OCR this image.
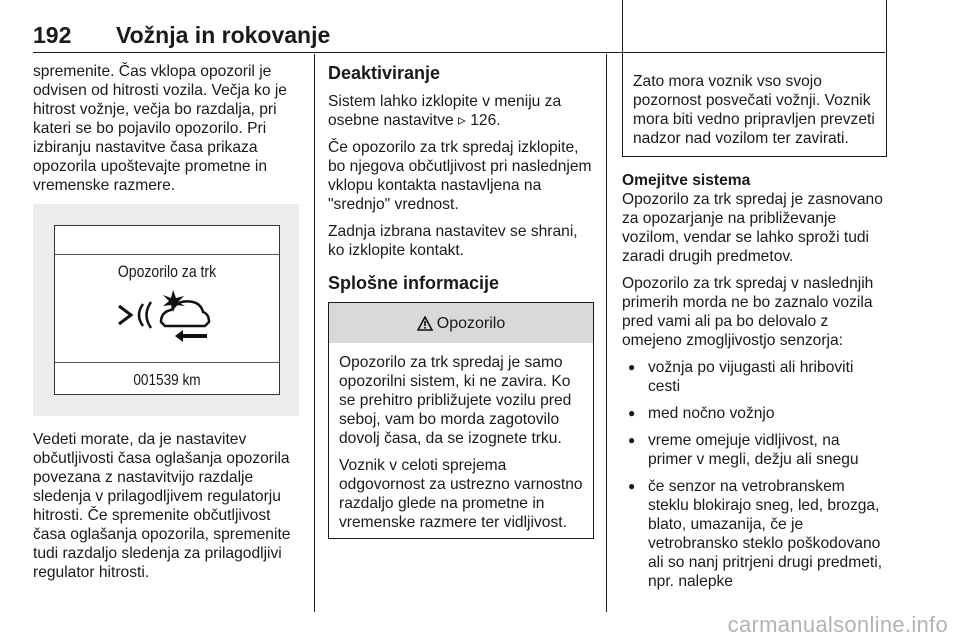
192 Vožnja in rokovanje

spremenite. Čas vklopa opozoril je odvisen od hitrosti vozila. Večja ko je hitrost vožnje, večja bo razdalja, pri kateri se bo pojavilo opozorilo. Pri izbiranju nastavitve časa prikaza opozorila upoštevajte prometne in vremenske razmere.

Opozorilo za trk
001539 km

Vedeti morate, da je nastavitev občutljivosti časa oglašanja opozorila povezana z nastavitvijo razdalje sledenja v prilagodljivem regulatorju hitrosti. Če spremenite občutljivost časa oglašanja opozorila, spremenite tudi razdaljo sledenja za prilagodljivi regulator hitrosti.

Deaktiviranje

Sistem lahko izklopite v meniju za osebne nastavitve ▹ 126.

Če opozorilo za trk spredaj izklopite, bo njegova občutljivost pri naslednjem vklopu kontakta nastavljena na "srednjo" vrednost.

Zadnja izbrana nastavitev se shrani, ko izklopite kontakt.

Splošne informacije
Opozorilo

Opozorilo za trk spredaj je samo opozorilni sistem, ki ne zavira. Ko se prehitro približujete vozilu pred seboj, vam bo morda zagotovilo dovolj časa, da se izognete trku.

Voznik v celoti sprejema odgovornost za ustrezno varnostno razdaljo glede na prometne in vremenske razmere ter vidljivost.

Zato mora voznik vso svojo pozornost posvečati vožnji. Voznik mora biti vedno pripravljen prevzeti nadzor nad vozilom ter zavirati.

Omejitve sistema

Opozorilo za trk spredaj je zasnovano za opozarjanje na približevanje vozilom, vendar se lahko sproži tudi zaradi drugih predmetov.

Opozorilo za trk spredaj v naslednjih primerih morda ne bo zaznalo vozila pred vami ali pa bo delovalo z omejeno zmogljivostjo senzorja:

● vožnja po vijugasti ali hriboviti cesti
● med nočno vožnjo
● vreme omejuje vidljivost, na primer v megli, dežju ali snegu
● če senzor na vetrobranskem steklu blokirajo sneg, led, brozga, blato, umazanija, če je vetrobransko steklo poškodovano ali so nanj pritrjeni drugi predmeti, npr. nalepke
carmanualsonline.info
